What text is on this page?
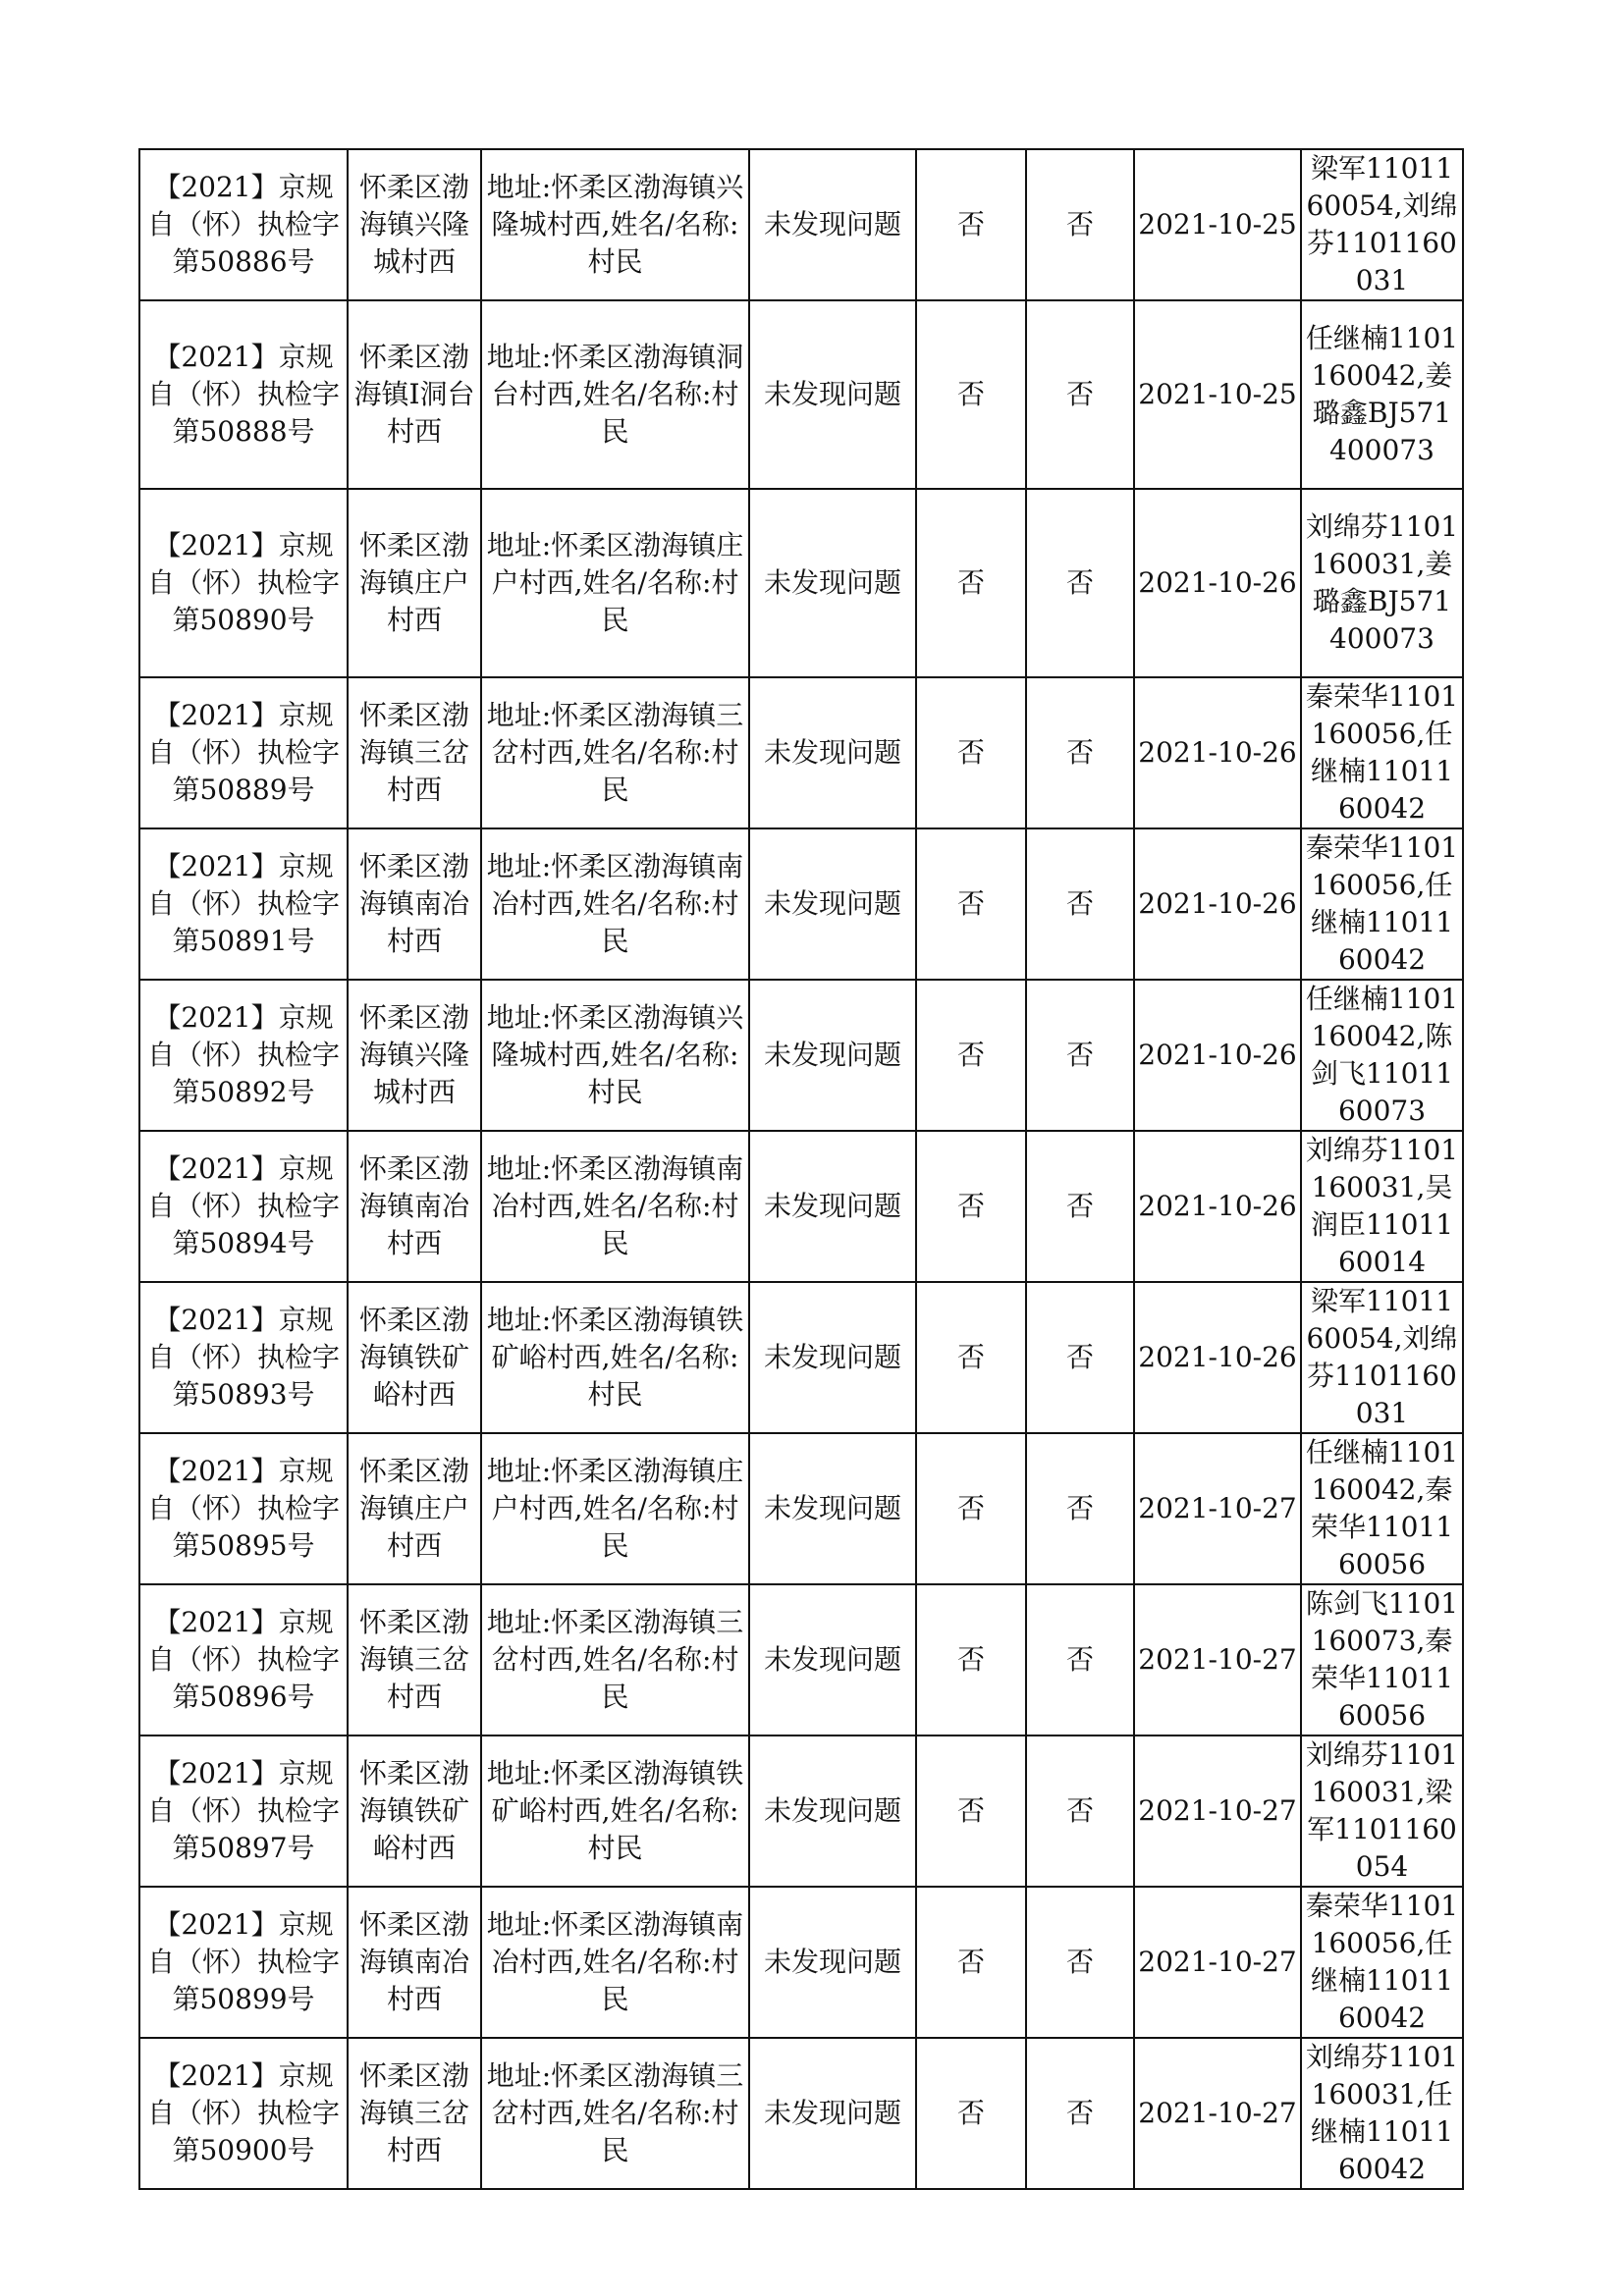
【2021】京规自（怀）执检字第50886号	怀柔区渤海镇兴隆城村西	地址:怀柔区渤海镇兴隆城村西,姓名/名称:村民	未发现问题	否	否	2021-10-25	梁军1101160054,刘绵芬1101160031
【2021】京规自（怀）执检字第50888号	怀柔区渤海镇Ⅰ洞台村西	地址:怀柔区渤海镇洞台村西,姓名/名称:村民	未发现问题	否	否	2021-10-25	任继楠1101160042,姜璐鑫BJ571400073
【2021】京规自（怀）执检字第50890号	怀柔区渤海镇庄户村西	地址:怀柔区渤海镇庄户村西,姓名/名称:村民	未发现问题	否	否	2021-10-26	刘绵芬1101160031,姜璐鑫BJ571400073
【2021】京规自（怀）执检字第50889号	怀柔区渤海镇三岔村西	地址:怀柔区渤海镇三岔村西,姓名/名称:村民	未发现问题	否	否	2021-10-26	秦荣华1101160056,任继楠1101160042
【2021】京规自（怀）执检字第50891号	怀柔区渤海镇南冶村西	地址:怀柔区渤海镇南冶村西,姓名/名称:村民	未发现问题	否	否	2021-10-26	秦荣华1101160056,任继楠1101160042
【2021】京规自（怀）执检字第50892号	怀柔区渤海镇兴隆城村西	地址:怀柔区渤海镇兴隆城村西,姓名/名称:村民	未发现问题	否	否	2021-10-26	任继楠1101160042,陈剑飞1101160073
【2021】京规自（怀）执检字第50894号	怀柔区渤海镇南冶村西	地址:怀柔区渤海镇南冶村西,姓名/名称:村民	未发现问题	否	否	2021-10-26	刘绵芬1101160031,吴润臣1101160014
【2021】京规自（怀）执检字第50893号	怀柔区渤海镇铁矿峪村西	地址:怀柔区渤海镇铁矿峪村西,姓名/名称:村民	未发现问题	否	否	2021-10-26	梁军1101160054,刘绵芬1101160031
【2021】京规自（怀）执检字第50895号	怀柔区渤海镇庄户村西	地址:怀柔区渤海镇庄户村西,姓名/名称:村民	未发现问题	否	否	2021-10-27	任继楠1101160042,秦荣华1101160056
【2021】京规自（怀）执检字第50896号	怀柔区渤海镇三岔村西	地址:怀柔区渤海镇三岔村西,姓名/名称:村民	未发现问题	否	否	2021-10-27	陈剑飞1101160073,秦荣华1101160056
【2021】京规自（怀）执检字第50897号	怀柔区渤海镇铁矿峪村西	地址:怀柔区渤海镇铁矿峪村西,姓名/名称:村民	未发现问题	否	否	2021-10-27	刘绵芬1101160031,梁军1101160054
【2021】京规自（怀）执检字第50899号	怀柔区渤海镇南冶村西	地址:怀柔区渤海镇南冶村西,姓名/名称:村民	未发现问题	否	否	2021-10-27	秦荣华1101160056,任继楠1101160042
【2021】京规自（怀）执检字第50900号	怀柔区渤海镇三岔村西	地址:怀柔区渤海镇三岔村西,姓名/名称:村民	未发现问题	否	否	2021-10-27	刘绵芬1101160031,任继楠1101160042
